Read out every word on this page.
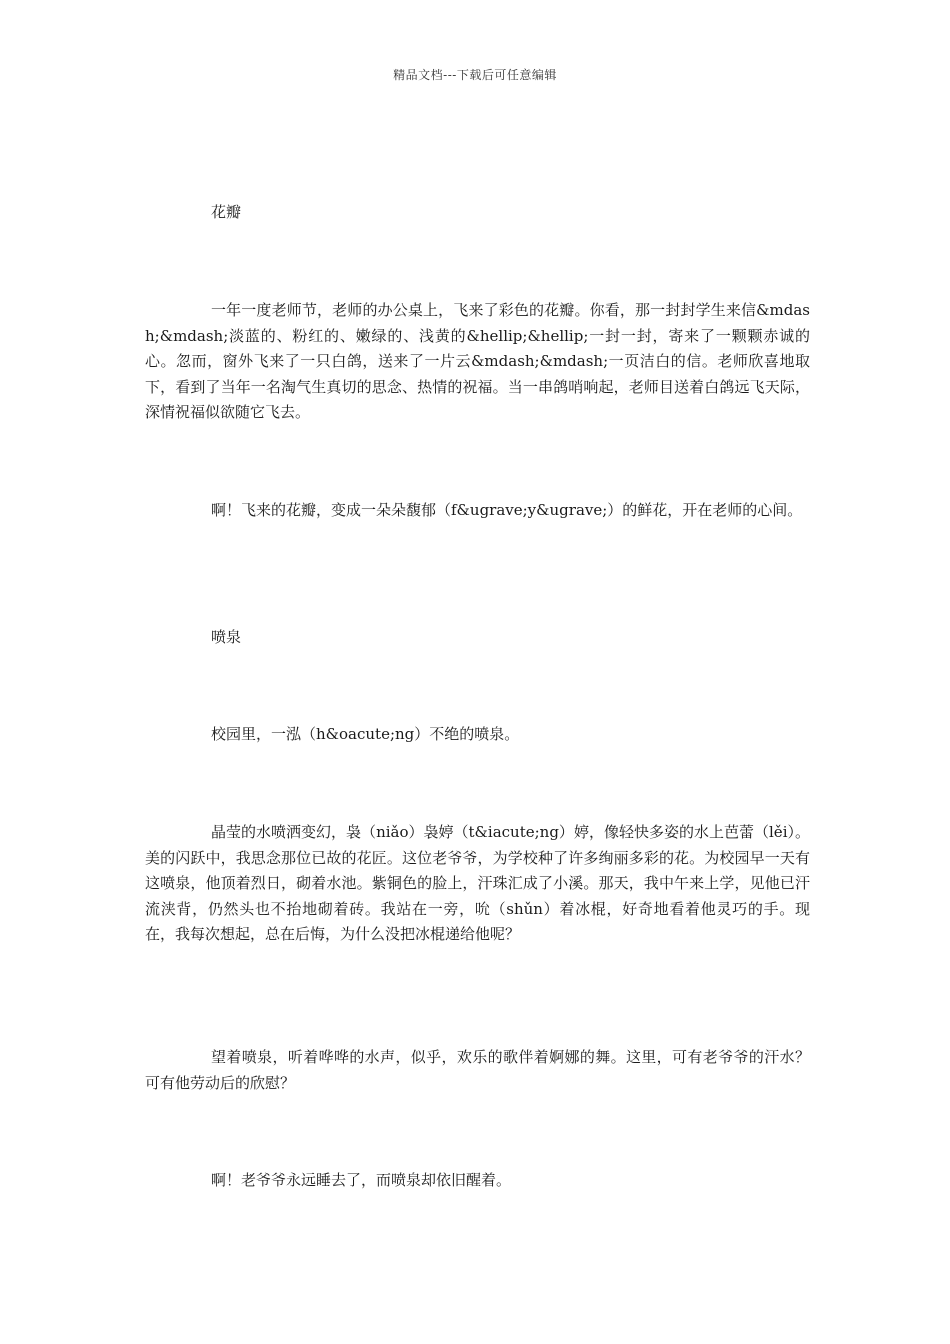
精品文档---下载后可任意编辑
花瓣

一年一度老师节，老师的办公桌上，飞来了彩色的花瓣。你看，那一封封学生来信&mdash;&mdash;淡蓝的、粉红的、嫩绿的、浅黄的&hellip;&hellip;一封一封，寄来了一颗颗赤诚的心。忽而，窗外飞来了一只白鸽，送来了一片云&mdash;&mdash;一页洁白的信。老师欣喜地取下，看到了当年一名淘气生真切的思念、热情的祝福。当一串鸽哨响起，老师目送着白鸽远飞天际，深情祝福似欲随它飞去。

啊！飞来的花瓣，变成一朵朵馥郁（f&ugrave;y&ugrave;）的鲜花，开在老师的心间。

喷泉

校园里，一泓（h&oacute;ng）不绝的喷泉。

晶莹的水喷洒变幻，袅（niǎo）袅婷（t&iacute;ng）婷，像轻快多姿的水上芭蕾（lěi）。美的闪跃中，我思念那位已故的花匠。这位老爷爷，为学校种了许多绚丽多彩的花。为校园早一天有这喷泉，他顶着烈日，砌着水池。紫铜色的脸上，汗珠汇成了小溪。那天，我中午来上学，见他已汗流浃背，仍然头也不抬地砌着砖。我站在一旁，吮（shǔn）着冰棍，好奇地看着他灵巧的手。现在，我每次想起，总在后悔，为什么没把冰棍递给他呢？

望着喷泉，听着哗哗的水声，似乎，欢乐的歌伴着婀娜的舞。这里，可有老爷爷的汗水？可有他劳动后的欣慰？

啊！老爷爷永远睡去了，而喷泉却依旧醒着。
